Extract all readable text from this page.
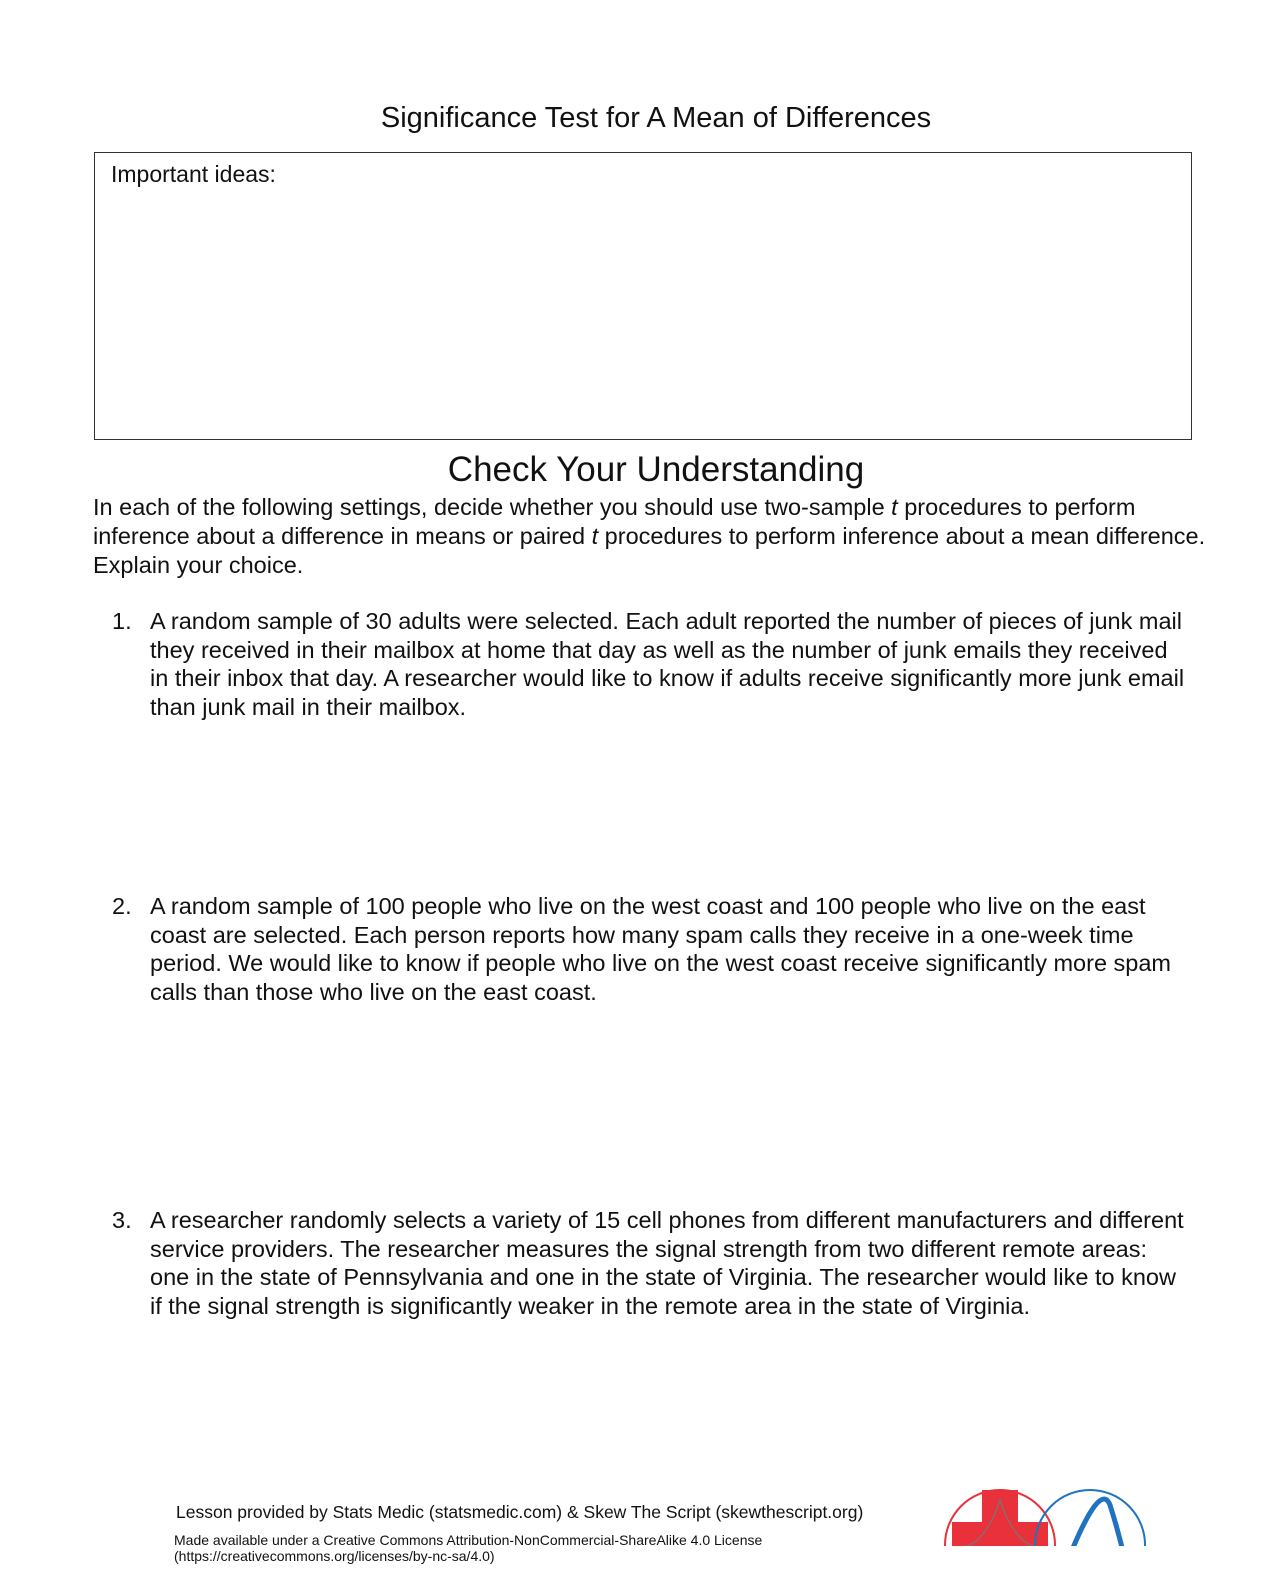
Significance Test for A Mean of Differences
Important ideas:
Check Your Understanding
In each of the following settings, decide whether you should use two-sample t procedures to perform inference about a difference in means or paired t procedures to perform inference about a mean difference. Explain your choice.
1. A random sample of 30 adults were selected. Each adult reported the number of pieces of junk mail they received in their mailbox at home that day as well as the number of junk emails they received in their inbox that day. A researcher would like to know if adults receive significantly more junk email than junk mail in their mailbox.
2. A random sample of 100 people who live on the west coast and 100 people who live on the east coast are selected. Each person reports how many spam calls they receive in a one-week time period. We would like to know if people who live on the west coast receive significantly more spam calls than those who live on the east coast.
3. A researcher randomly selects a variety of 15 cell phones from different manufacturers and different service providers. The researcher measures the signal strength from two different remote areas: one in the state of Pennsylvania and one in the state of Virginia. The researcher would like to know if the signal strength is significantly weaker in the remote area in the state of Virginia.
Lesson provided by Stats Medic (statsmedic.com) & Skew The Script (skewthescript.org)
Made available under a Creative Commons Attribution-NonCommercial-ShareAlike 4.0 License
(https://creativecommons.org/licenses/by-nc-sa/4.0)
